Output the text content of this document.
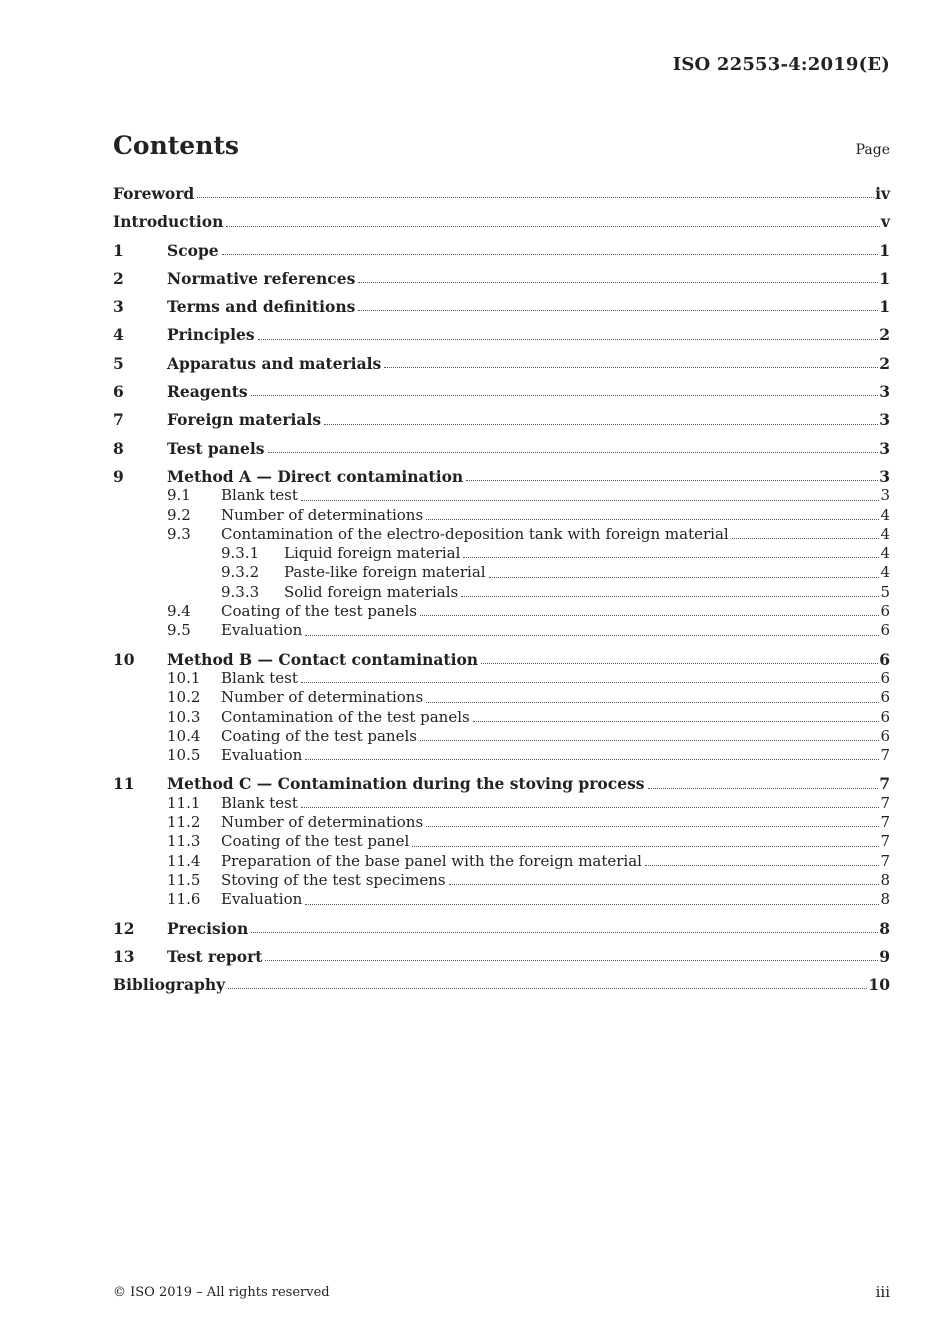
ISO 22553-4:2019(E)
Contents	Page
Foreword	iv
Introduction	v
1	Scope	1
2	Normative references	1
3	Terms and definitions	1
4	Principles	2
5	Apparatus and materials	2
6	Reagents	3
7	Foreign materials	3
8	Test panels	3
9	Method A — Direct contamination	3
9.1	Blank test	3
9.2	Number of determinations	4
9.3	Contamination of the electro-deposition tank with foreign material	4
9.3.1	Liquid foreign material	4
9.3.2	Paste-like foreign material	4
9.3.3	Solid foreign materials	5
9.4	Coating of the test panels	6
9.5	Evaluation	6
10	Method B — Contact contamination	6
10.1	Blank test	6
10.2	Number of determinations	6
10.3	Contamination of the test panels	6
10.4	Coating of the test panels	6
10.5	Evaluation	7
11	Method C — Contamination during the stoving process	7
11.1	Blank test	7
11.2	Number of determinations	7
11.3	Coating of the test panel	7
11.4	Preparation of the base panel with the foreign material	7
11.5	Stoving of the test specimens	8
11.6	Evaluation	8
12	Precision	8
13	Test report	9
Bibliography	10
© ISO 2019 – All rights reserved	iii
